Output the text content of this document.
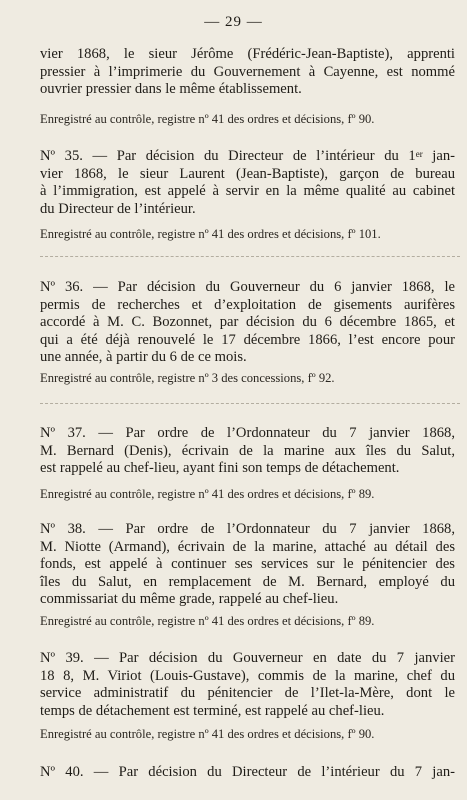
— 29 —
vier 1868, le sieur Jérôme (Frédéric-Jean-Baptiste), apprenti
pressier à l’imprimerie du Gouvernement à Cayenne, est nommé
ouvrier pressier dans le même établissement.
Enregistré au contrôle, registre nº 41 des ordres et décisions, fº 90.
Nº 35. — Par décision du Directeur de l’intérieur du 1er jan-
vier 1868, le sieur Laurent (Jean-Baptiste), garçon de bureau
à l’immigration, est appelé à servir en la même qualité au cabinet
du Directeur de l’intérieur.
Enregistré au contrôle, registre nº 41 des ordres et décisions, fº 101.
Nº 36. — Par décision du Gouverneur du 6 janvier 1868, le
permis de recherches et d’exploitation de gisements aurifères
accordé à M. C. Bozonnet, par décision du 6 décembre 1865, et
qui a été déjà renouvelé le 17 décembre 1866, l’est encore pour
une année, à partir du 6 de ce mois.
Enregistré au contrôle, registre nº 3 des concessions, fº 92.
Nº 37. — Par ordre de l’Ordonnateur du 7 janvier 1868,
M. Bernard (Denis), écrivain de la marine aux îles du Salut,
est rappelé au chef-lieu, ayant fini son temps de détachement.
Enregistré au contrôle, registre nº 41 des ordres et décisions, fº 89.
Nº 38. — Par ordre de l’Ordonnateur du 7 janvier 1868,
M. Niotte (Armand), écrivain de la marine, attaché au détail des
fonds, est appelé à continuer ses services sur le pénitencier des
îles du Salut, en remplacement de M. Bernard, employé du
commissariat du même grade, rappelé au chef-lieu.
Enregistré au contrôle, registre nº 41 des ordres et décisions, fº 89.
Nº 39. — Par décision du Gouverneur en date du 7 janvier
18 8, M. Viriot (Louis-Gustave), commis de la marine, chef du
service administratif du pénitencier de l’Ilet-la-Mère, dont le
temps de détachement est terminé, est rappelé au chef-lieu.
Enregistré au contrôle, registre nº 41 des ordres et décisions, fº 90.
Nº 40. — Par décision du Directeur de l’intérieur du 7 jan-
